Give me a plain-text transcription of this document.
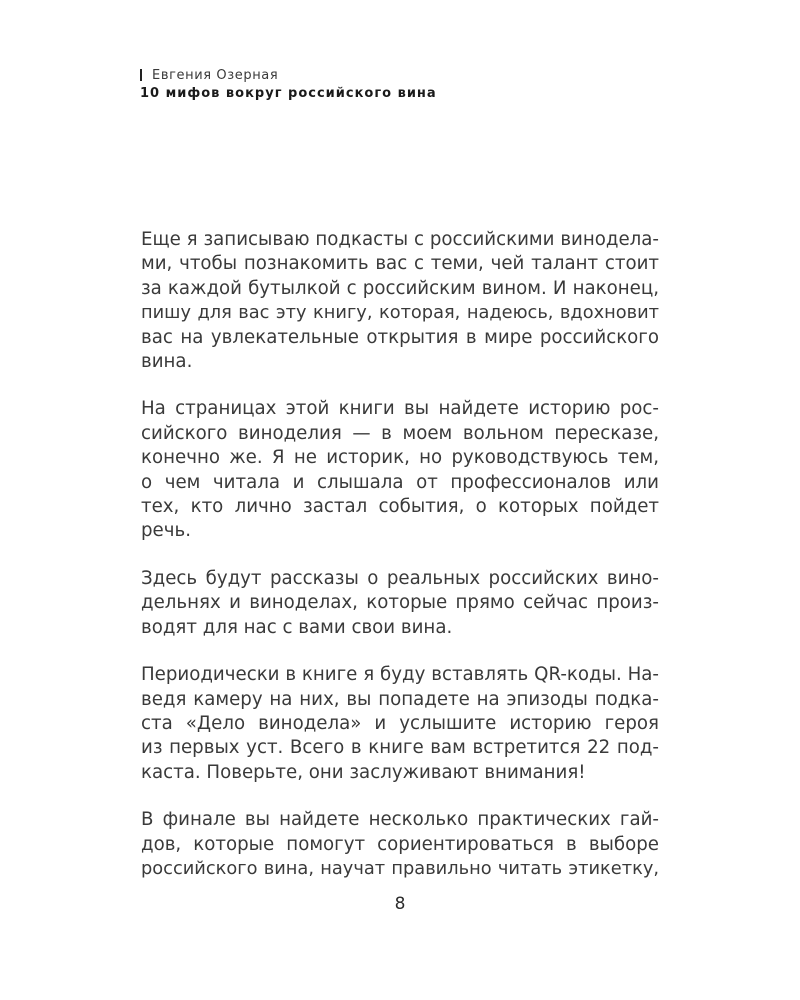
Евгения Озерная
10 мифов вокруг российского вина

Еще я записываю подкасты с российскими винодела-
ми, чтобы познакомить вас с теми, чей талант стоит
за каждой бутылкой с российским вином. И наконец,
пишу для вас эту книгу, которая, надеюсь, вдохновит
вас на увлекательные открытия в мире российского
вина.

На страницах этой книги вы найдете историю рос-
сийского виноделия — в моем вольном пересказе,
конечно же. Я не историк, но руководствуюсь тем,
о чем читала и слышала от профессионалов или
тех, кто лично застал события, о которых пойдет
речь.

Здесь будут рассказы о реальных российских вино-
дельнях и виноделах, которые прямо сейчас произ-
водят для нас с вами свои вина.

Периодически в книге я буду вставлять QR-коды. На-
ведя камеру на них, вы попадете на эпизоды подка-
ста «Дело винодела» и услышите историю героя
из первых уст. Всего в книге вам встретится 22 под-
каста. Поверьте, они заслуживают внимания!

В финале вы найдете несколько практических гай-
дов, которые помогут сориентироваться в выборе
российского вина, научат правильно читать этикетку,

8
